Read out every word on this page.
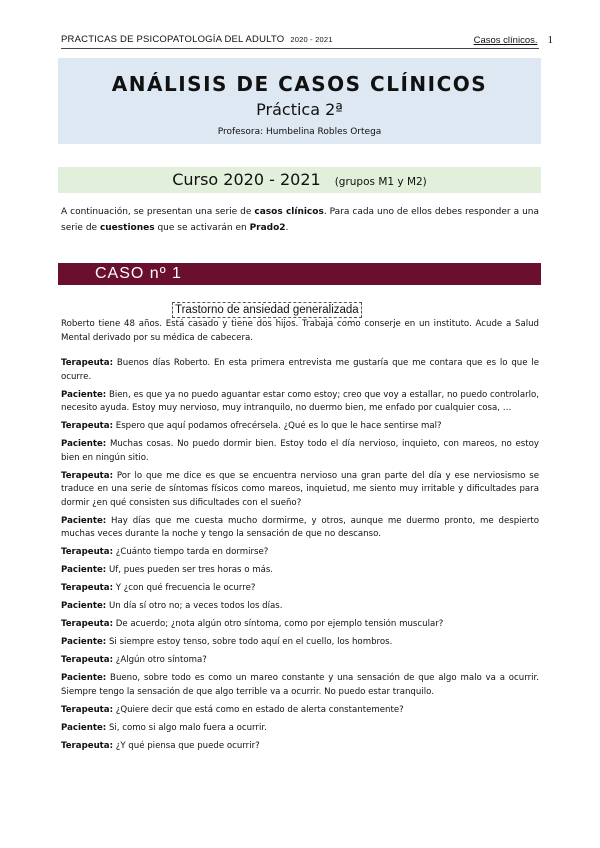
PRACTICAS DE PSICOPATOLOGÍA DEL ADULTO 2020 - 2021	Casos clínicos. 1
ANÁLISIS DE CASOS CLÍNICOS
Práctica 2ª
Profesora: Humbelina Robles Ortega
Curso 2020 - 2021 (grupos M1 y M2)
A continuación, se presentan una serie de casos clínicos. Para cada uno de ellos debes responder a una serie de cuestiones que se activarán en Prado2.
CASO nº 1
Trastorno de ansiedad generalizada

Roberto tiene 48 años. Está casado y tiene dos hijos. Trabaja como conserje en un instituto. Acude a Salud Mental derivado por su médica de cabecera.

Terapeuta: Buenos días Roberto. En esta primera entrevista me gustaría que me contara que es lo que le ocurre.

Paciente: Bien, es que ya no puedo aguantar estar como estoy; creo que voy a estallar, no puedo controlarlo, necesito ayuda. Estoy muy nervioso, muy intranquilo, no duermo bien, me enfado por cualquier cosa, …

Terapeuta: Espero que aquí podamos ofrecérsela. ¿Qué es lo que le hace sentirse mal?

Paciente: Muchas cosas. No puedo dormir bien. Estoy todo el día nervioso, inquieto, con mareos, no estoy bien en ningún sitio.

Terapeuta: Por lo que me dice es que se encuentra nervioso una gran parte del día y ese nerviosismo se traduce en una serie de síntomas físicos como mareos, inquietud, me siento muy irritable y dificultades para dormir ¿en qué consisten sus dificultades con el sueño?

Paciente: Hay días que me cuesta mucho dormirme, y otros, aunque me duermo pronto, me despierto muchas veces durante la noche y tengo la sensación de que no descanso.

Terapeuta: ¿Cuánto tiempo tarda en dormirse?

Paciente: Uf, pues pueden ser tres horas o más.

Terapeuta: Y ¿con qué frecuencia le ocurre?

Paciente: Un día sí otro no; a veces todos los días.

Terapeuta: De acuerdo; ¿nota algún otro síntoma, como por ejemplo tensión muscular?

Paciente: Si siempre estoy tenso, sobre todo aquí en el cuello, los hombros.

Terapeuta: ¿Algún otro síntoma?

Paciente: Bueno, sobre todo es como un mareo constante y una sensación de que algo malo va a ocurrir. Siempre tengo la sensación de que algo terrible va a ocurrir. No puedo estar tranquilo.

Terapeuta: ¿Quiere decir que está como en estado de alerta constantemente?

Paciente: Si, como si algo malo fuera a ocurrir.

Terapeuta: ¿Y qué piensa que puede ocurrir?
